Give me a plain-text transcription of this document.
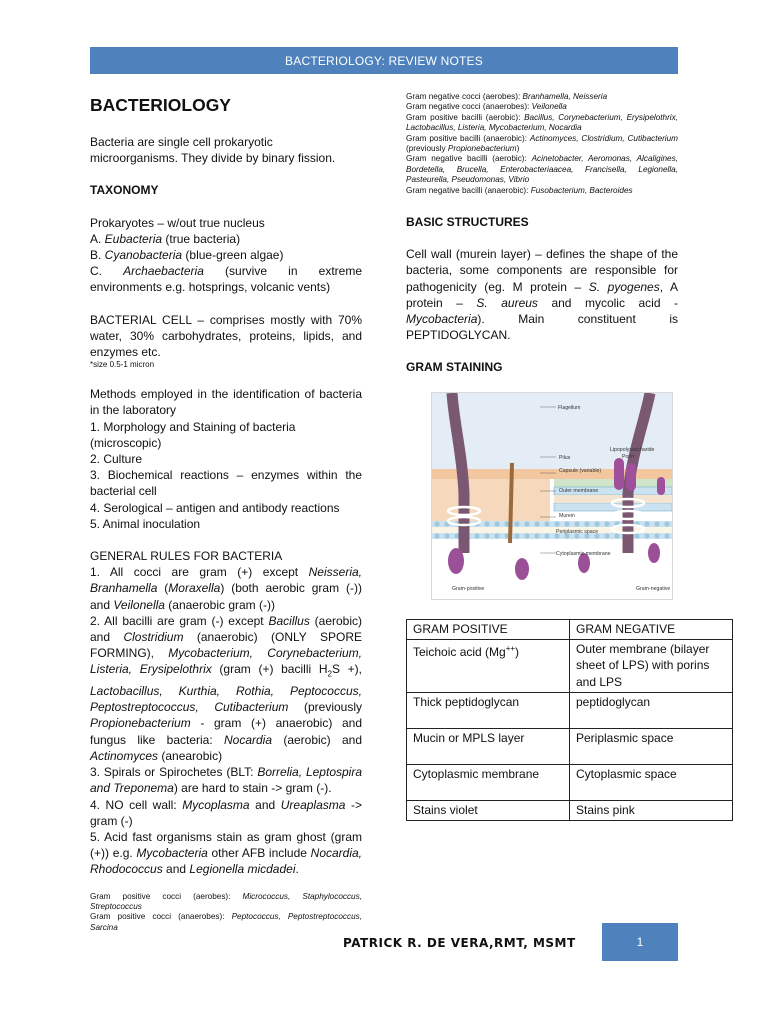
BACTERIOLOGY: REVIEW NOTES
BACTERIOLOGY

Bacteria are single cell prokaryotic microorganisms. They divide by binary fission.

TAXONOMY

Prokaryotes – w/out true nucleus

A. Eubacteria (true bacteria)

B. Cyanobacteria (blue-green algae)

C. Archaebacteria (survive in extreme environments e.g. hotsprings, volcanic vents)

BACTERIAL CELL – comprises mostly with 70% water, 30% carbohydrates, proteins, lipids, and enzymes etc.

*size 0.5-1 micron

Methods employed in the identification of bacteria in the laboratory

1. Morphology and Staining of bacteria (microscopic)

2. Culture

3. Biochemical reactions – enzymes within the bacterial cell

4. Serological – antigen and antibody reactions

5. Animal inoculation

GENERAL RULES FOR BACTERIA

1. All cocci are gram (+) except Neisseria, Branhamella (Moraxella) (both aerobic gram (-)) and Veilonella (anaerobic gram (-))

2. All bacilli are gram (-) except Bacillus (aerobic) and Clostridium (anaerobic) (ONLY SPORE FORMING), Mycobacterium, Corynebacterium, Listeria, Erysipelothrix (gram (+) bacilli $H_2S$ +), Lactobacillus, Kurthia, Rothia, Peptococcus, Peptostreptococcus, Cutibacterium (previously Propionebacterium - gram (+) anaerobic) and fungus like bacteria: Nocardia (aerobic) and Actinomyces (anearobic)

3. Spirals or Spirochetes (BLT: Borrelia, Leptospira and Treponema) are hard to stain -> gram (-).

4. NO cell wall: Mycoplasma and Ureaplasma -> gram (-)

5. Acid fast organisms stain as gram ghost (gram (+)) e.g. Mycobacteria other AFB include Nocardia, Rhodococcus and Legionella micdadei.

Gram positive cocci (aerobes): Micrococcus, Staphylococcus, Streptococcus

Gram positive cocci (anaerobes): Peptococcus, Peptostreptococcus, Sarcina

Gram negative cocci (aerobes): Branhamella, Neisseria

Gram negative cocci (anaerobes): Veilonella

Gram positive bacilli (aerobic): Bacillus, Corynebacterium, Erysipelothrix, Lactobacillus, Listeria, Mycobacterium, Nocardia

Gram positive bacilli (anaerobic): Actinomyces, Clostridium, Cutibacterium (previously Propionebacterium)

Gram negative bacilli (aerobic): Acinetobacter, Aeromonas, Alcaligines, Bordetella, Brucella, Enterobacteriaacea, Francisella, Legionella, Pasteurella, Pseudomonas, Vibrio

Gram negative bacilli (anaerobic): Fusobacterium, Bacteroides

BASIC STRUCTURES

Cell wall (murein layer) – defines the shape of the bacteria, some components are responsible for pathogenicity (eg. M protein – S. pyogenes, A protein – S. aureus and mycolic acid - Mycobacteria). Main constituent is PEPTIDOGLYCAN.

GRAM STAINING
Flagellum
Pilus
Capsule (variable)
Outer membrane
Murein
Periplasmic space
Cytoplasmic membrane
Lipopolysaccharide
Porin
Gram-positive	Gram-negative
GRAM POSITIVE	GRAM NEGATIVE
Teichoic acid (Mg++)	Outer membrane (bilayer sheet of LPS) with porins and LPS
Thick peptidoglycan	peptidoglycan
Mucin or MPLS layer	Periplasmic space
Cytoplasmic membrane	Cytoplasmic space
Stains violet	Stains pink
PATRICK R. DE VERA,RMT, MSMT	1
